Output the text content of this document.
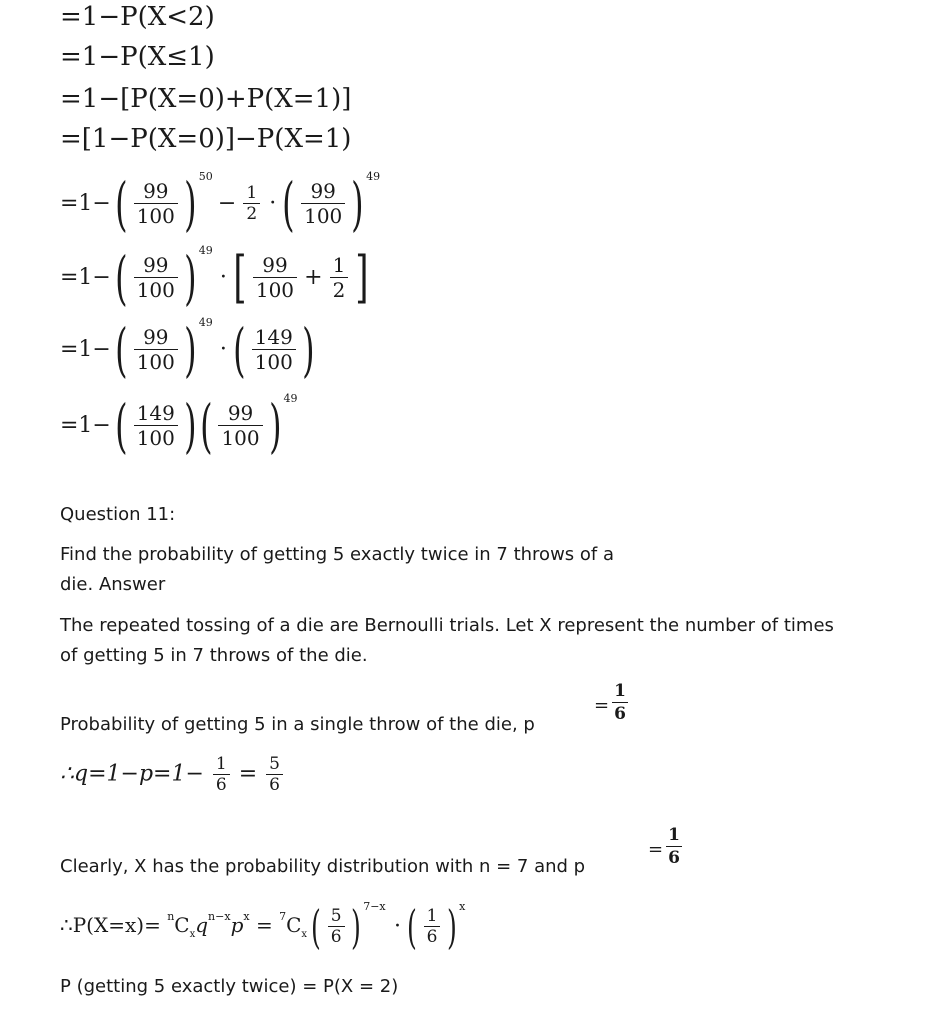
=1−P(X<2)
=1−P(X≤1)
=1−[P(X=0)+P(X=1)]
=[1−P(X=0)]−P(X=1)
=1− ( $\frac{99}{100}$ ) $^{50} - \frac{1}{2}$ · ( $\frac{99}{100}$ ) $^{49}$
=1− ( $\frac{99}{100}$ ) $^{49}$ · [ $\frac{99}{100} + \frac{1}{2}$ ]
=1− ( $\frac{99}{100}$ ) $^{49}$ · ( $\frac{149}{100}$ )
=1− ( $\frac{149}{100}$ ) ( $\frac{99}{100}$ ) $^{49}$
Question 11:
Find the probability of getting 5 exactly twice in 7 throws of a
die. Answer
The repeated tossing of a die are Bernoulli trials. Let X represent the number of times
of getting 5 in 7 throws of the die.
=
1
6
Probability of getting 5 in a single throw of the die, p
∴q=1−p=1− $\frac{1}{6} = \frac{5}{6}$
=
1
6
Clearly, X has the probability distribution with n = 7 and p
∴P(X=x)= $^nC_xq^{n-x}p^x = ^7C_x$ ( $\frac{5}{6}$ ) $^{7-x}$ · ( $\frac{1}{6}$ ) $^x$
P (getting 5 exactly twice) = P(X = 2)
